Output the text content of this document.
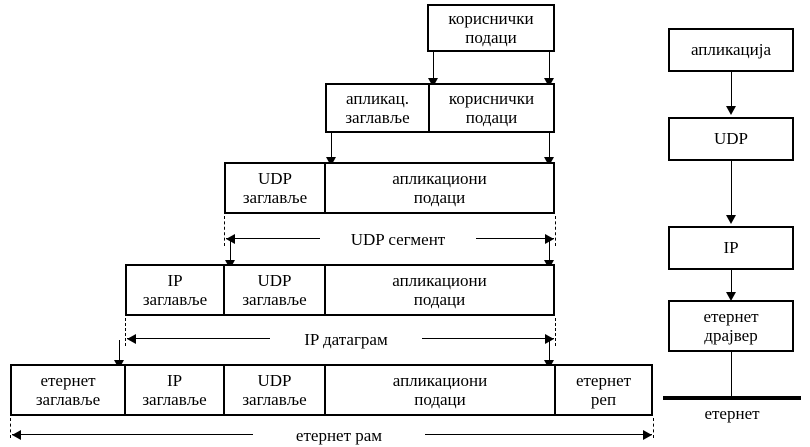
кориснички
подаци
апликац.
заглавље
кориснички
подаци
UDP
заглавље
апликациони
подаци
UDP сегмент
IP
заглавље
UDP
заглавље
апликациони
подаци
IP датаграм
етернет
заглавље
IP
заглавље
UDP
заглавље
апликациони
подаци
етернет
реп
етернет рам
апликација
UDP
IP
етернет
драјвер
етернет
